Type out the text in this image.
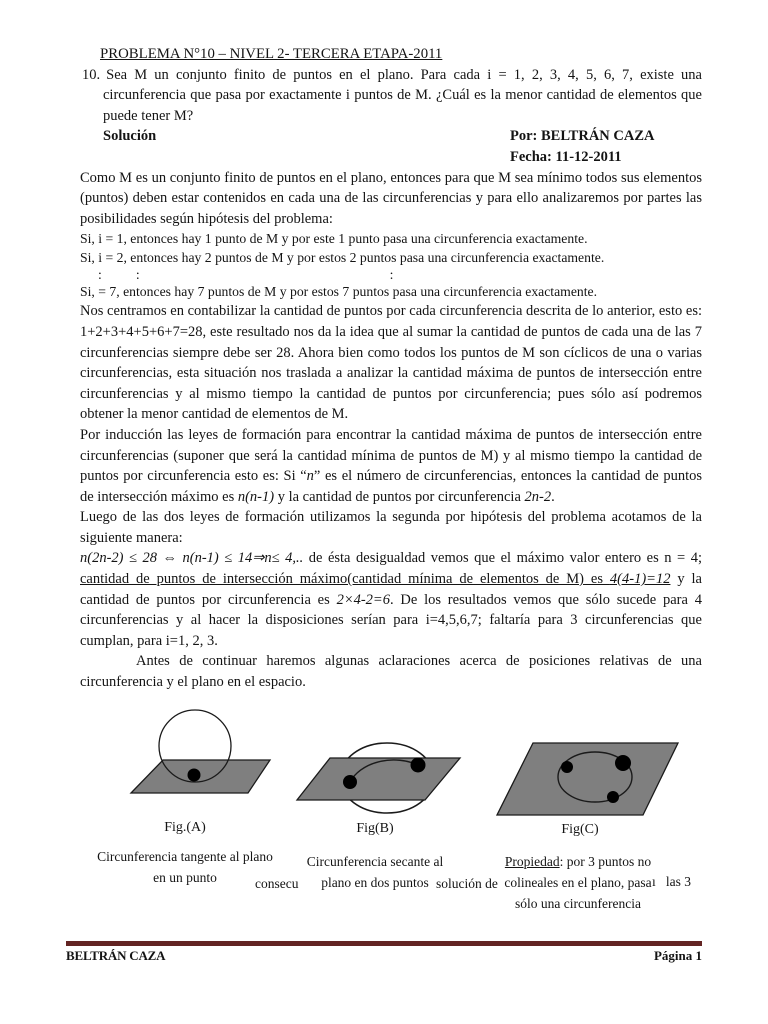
PROBLEMA N°10 – NIVEL 2- TERCERA ETAPA-2011

10. Sea M un conjunto finito de puntos en el plano. Para cada i = 1, 2, 3, 4, 5, 6, 7, existe una circunferencia que pasa por exactamente i puntos de M. ¿Cuál es la menor cantidad de elementos que puede tener M?

Solución	Por: BELTRÁN CAZA
Fecha: 11-12-2011

Como M es un conjunto finito de puntos en el plano, entonces para que M sea mínimo todos sus elementos (puntos) deben estar contenidos en cada una de las circunferencias y para ello analizaremos por partes las posibilidades según hipótesis del problema:

Si, i = 1, entonces hay 1 punto de M y por este 1 punto pasa una circunferencia exactamente.
Si, i = 2, entonces hay 2 puntos de M y por estos 2 puntos pasa una circunferencia exactamente.
: :	:
Si, = 7, entonces hay 7 puntos de M y por estos 7 puntos pasa una circunferencia exactamente.

Nos centramos en contabilizar la cantidad de puntos por cada circunferencia descrita de lo anterior, esto es: 1+2+3+4+5+6+7=28, este resultado nos da la idea que al sumar la cantidad de puntos de cada una de las 7 circunferencias siempre debe ser 28. Ahora bien como todos los puntos de M son cíclicos de una o varias circunferencias, esta situación nos traslada a analizar la cantidad máxima de puntos de intersección entre circunferencias y al mismo tiempo la cantidad de puntos por circunferencia; pues sólo así podremos obtener la menor cantidad de elementos de M.

Por inducción las leyes de formación para encontrar la cantidad máxima de puntos de intersección entre circunferencias (suponer que será la cantidad mínima de puntos de M) y al mismo tiempo la cantidad de puntos por circunferencia esto es: Si “n” es el número de circunferencias, entonces la cantidad de puntos de intersección máximo es n(n-1) y la cantidad de puntos por circunferencia 2n-2.

Luego de las dos leyes de formación utilizamos la segunda por hipótesis del problema acotamos de la siguiente manera:

n(2n-2) ≤ 28 ⇔ n(n-1) ≤ 14⇒n≤ 4,.. de ésta desigualdad vemos que el máximo valor entero es n = 4; cantidad de puntos de intersección máximo(cantidad mínima de elementos de M) es 4(4-1)=12 y la cantidad de puntos por circunferencia es 2×4-2=6. De los resultados vemos que sólo sucede para 4 circunferencias y al hacer la disposiciones serían para i=4,5,6,7; faltaría para 3 circunferencias que cumplan, para i=1, 2, 3.

Antes de continuar haremos algunas aclaraciones acerca de posiciones relativas de una circunferencia y el plano en el espacio.

Fig.(A)
Circunferencia tangente al plano en un punto
Fig(B)
Circunferencia secante al plano en dos puntos
Fig(C)
Propiedad: por 3 puntos no colineales en el plano, pasa sólo una circunferencia
consecu	solución de	ı   las 3
BELTRÁN CAZA	Página 1
